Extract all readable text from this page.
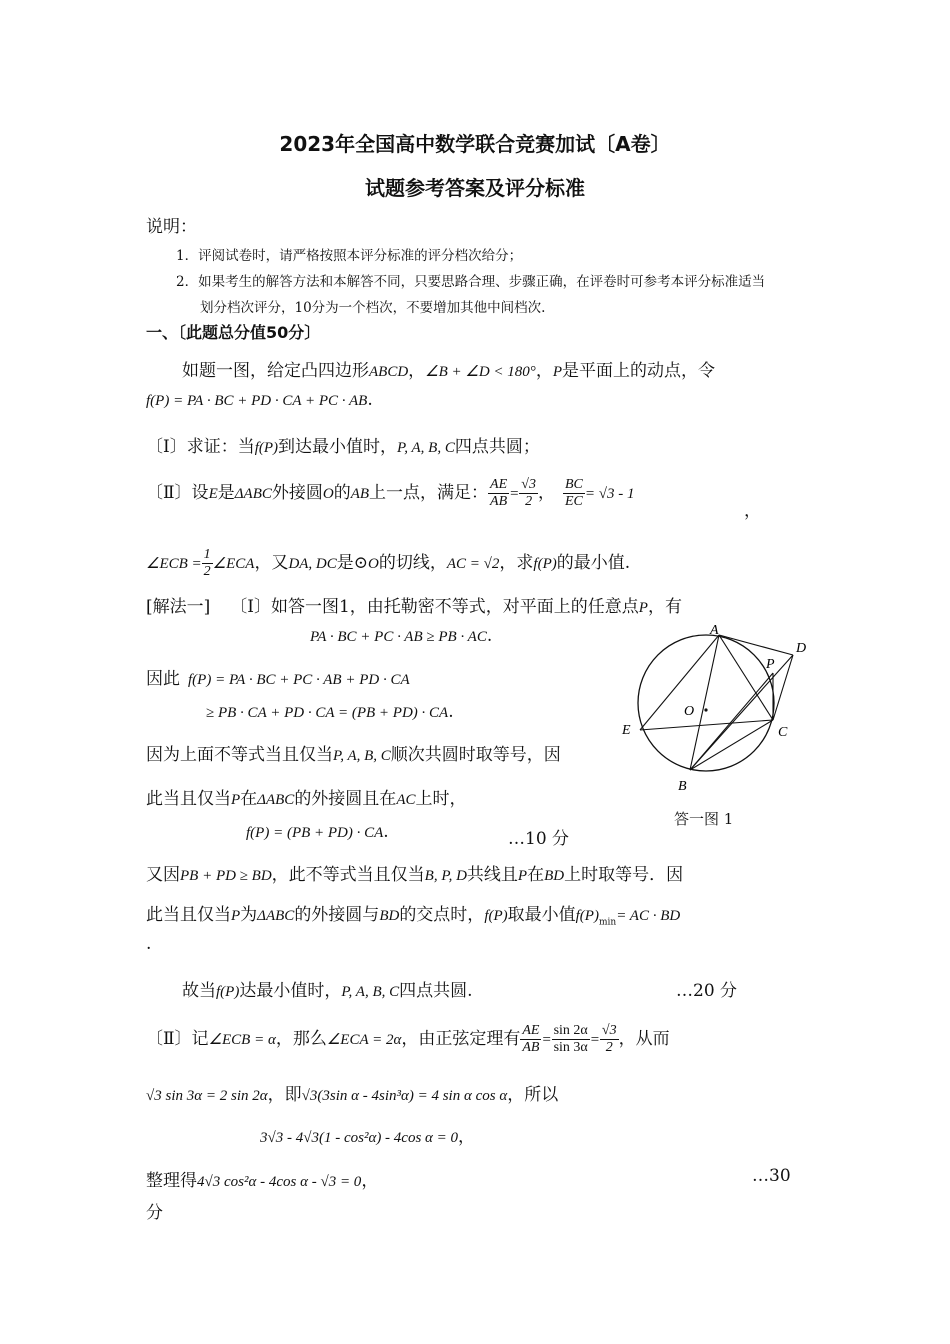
2023年全国高中数学联合竞赛加试〔A卷〕
试题参考答案及评分标准
说明：
1．评阅试卷时，请严格按照本评分标准的评分档次给分；
2．如果考生的解答方法和本解答不同，只要思路合理、步骤正确，在评卷时可参考本评分标准适当
划分档次评分，10分为一个档次，不要增加其他中间档次.
一、〔此题总分值50分〕
如题一图，给定凸四边形ABCD，∠B + ∠D < 180°，P是平面上的动点，令
f(P) = PA · BC + PD · CA + PC · AB.
〔Ⅰ〕求证：当f(P)到达最小值时，P, A, B, C四点共圆；
〔Ⅱ〕设E是ΔABC外接圆O的AB上一点，满足： $\frac{AE}{AB} = \frac{√3}{2}$ ， $\frac{BC}{EC} = √3 - 1$
，
∠ECB = $\frac{1}{2}$ ∠ECA，又DA, DC是⊙O的切线，AC = √2，求f(P)的最小值.
[解法一] 〔Ⅰ〕如答一图1，由托勒密不等式，对平面上的任意点P，有
PA · BC + PC · AB ≥ PB · AC.
因此 f(P) = PA · BC + PC · AB + PD · CA
≥ PB · CA + PD · CA = (PB + PD) · CA.
因为上面不等式当且仅当P, A, B, C顺次共圆时取等号，因
此当且仅当P在ΔABC的外接圆且在AC上时，
f(P) = (PB + PD) · CA.	…10 分
又因PB + PD ≥ BD，此不等式当且仅当B, P, D共线且P在BD上时取等号．因
此当且仅当P为ΔABC的外接圆与BD的交点时，f(P)取最小值$f(P)_{min}=$ AC · BD
.
故当f(P)达最小值时，P, A, B, C四点共圆.	…20 分
〔Ⅱ〕记∠ECB = α，那么∠ECA = 2α，由正弦定理有 $\frac{AE}{AB} = \frac{\sin 2\alpha}{\sin 3\alpha} = \frac{√3}{2}$ ，从而
√3 sin 3α = 2 sin 2α，即√3(3sin α - 4sin³α) = 4 sin α cos α，所以
3√3 - 4√3(1 - cos²α) - 4cos α = 0，
整理得4√3 cos²α - 4cos α - √3 = 0，	…30
分
A
D
P
O
E	C
B
答一图 1
